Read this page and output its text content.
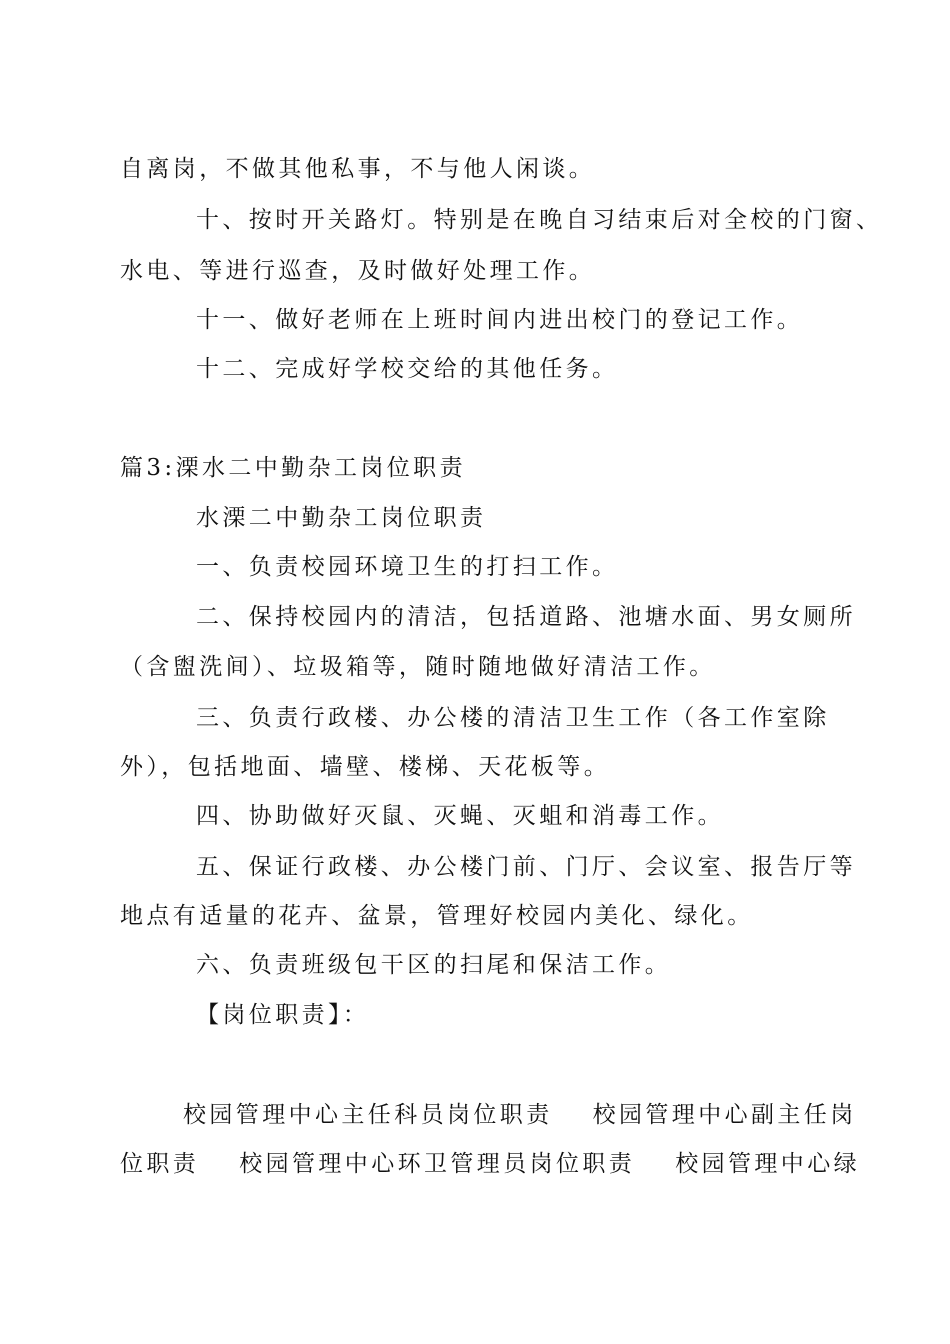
自离岗，不做其他私事，不与他人闲谈。

十、按时开关路灯。特别是在晚自习结束后对全校的门窗、

水电、等进行巡查，及时做好处理工作。

十一、做好老师在上班时间内进出校门的登记工作。

十二、完成好学校交给的其他任务。

篇3:溧水二中勤杂工岗位职责

水溧二中勤杂工岗位职责

一、负责校园环境卫生的打扫工作。

二、保持校园内的清洁，包括道路、池塘水面、男女厕所

（含盥洗间）、垃圾箱等，随时随地做好清洁工作。

三、负责行政楼、办公楼的清洁卫生工作（各工作室除

外），包括地面、墙壁、楼梯、天花板等。

四、协助做好灭鼠、灭蝇、灭蛆和消毒工作。

五、保证行政楼、办公楼门前、门厅、会议室、报告厅等

地点有适量的花卉、盆景，管理好校园内美化、绿化。

六、负责班级包干区的扫尾和保洁工作。

【岗位职责】：

校园管理中心主任科员岗位职责 校园管理中心副主任岗

位职责 校园管理中心环卫管理员岗位职责 校园管理中心绿
